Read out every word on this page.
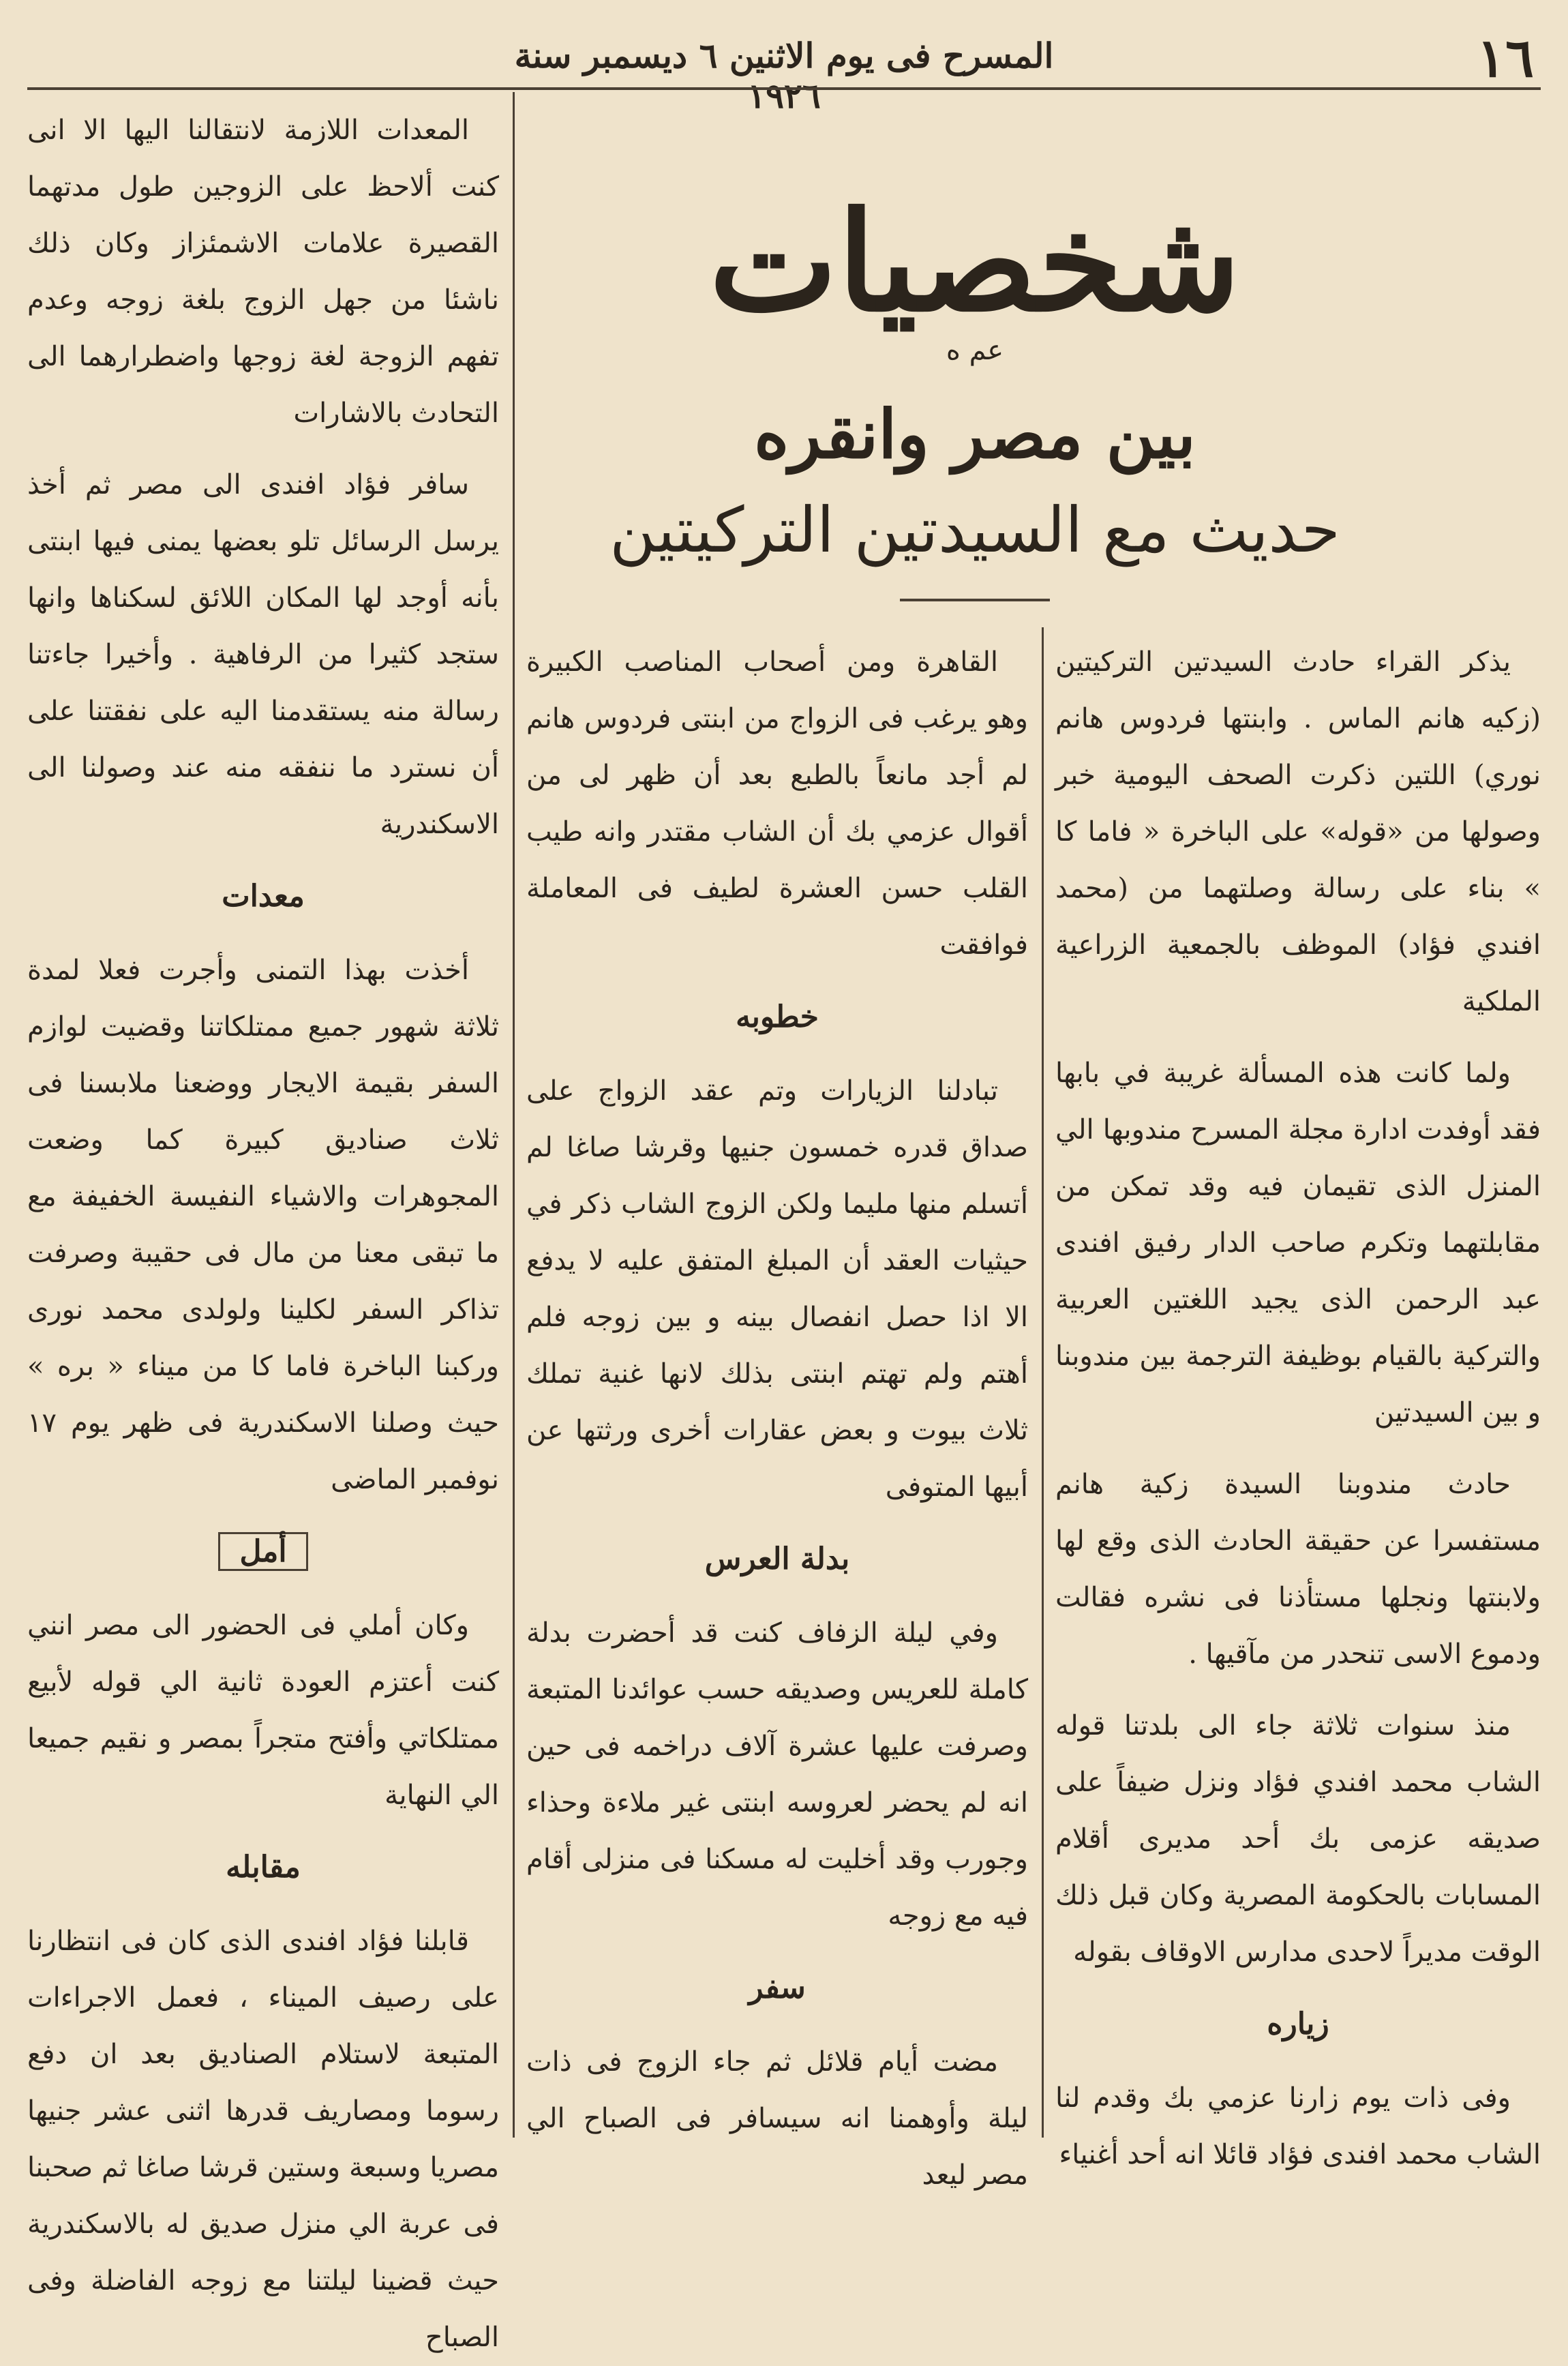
١٦
المسرح فى يوم الاثنين ٦ ديسمبر سنة ١٩٢٦
شخصيات
عم ه
بين مصر وانقره
حديث مع السيدتين التركيتين

يذكر القراء حادث السيدتين التركيتين (زكيه هانم الماس . وابنتها فردوس هانم نوري) اللتين ذكرت الصحف اليومية خبر وصولها من «قوله» على الباخرة « فاما كا » بناء على رسالة وصلتهما من (محمد افندي فؤاد) الموظف بالجمعية الزراعية الملكية

ولما كانت هذه المسألة غريبة في بابها فقد أوفدت ادارة مجلة المسرح مندوبها الي المنزل الذى تقيمان فيه وقد تمكن من مقابلتهما وتكرم صاحب الدار رفيق افندى عبد الرحمن الذى يجيد اللغتين العربية والتركية بالقيام بوظيفة الترجمة بين مندوبنا و بين السيدتين

حادث مندوبنا السيدة زكية هانم مستفسرا عن حقيقة الحادث الذى وقع لها ولابنتها ونجلها مستأذنا فى نشره فقالت ودموع الاسى تنحدر من مآقيها .

منذ سنوات ثلاثة جاء الى بلدتنا قوله الشاب محمد افندي فؤاد ونزل ضيفاً على صديقه عزمى بك أحد مديرى أقلام المسابات بالحكومة المصرية وكان قبل ذلك الوقت مديراً لاحدى مدارس الاوقاف بقوله

زياره

وفى ذات يوم زارنا عزمي بك وقدم لنا الشاب محمد افندى فؤاد قائلا انه أحد أغنياء

القاهرة ومن أصحاب المناصب الكبيرة وهو يرغب فى الزواج من ابنتى فردوس هانم لم أجد مانعاً بالطبع بعد أن ظهر لى من أقوال عزمي بك أن الشاب مقتدر وانه طيب القلب حسن العشرة لطيف فى المعاملة فوافقت

خطوبه

تبادلنا الزيارات وتم عقد الزواج على صداق قدره خمسون جنيها وقرشا صاغا لم أتسلم منها مليما ولكن الزوج الشاب ذكر في حيثيات العقد أن المبلغ المتفق عليه لا يدفع الا اذا حصل انفصال بينه و بين زوجه فلم أهتم ولم تهتم ابنتى بذلك لانها غنية تملك ثلاث بيوت و بعض عقارات أخرى ورثتها عن أبيها المتوفى

بدلة العرس

وفي ليلة الزفاف كنت قد أحضرت بدلة كاملة للعريس وصديقه حسب عوائدنا المتبعة وصرفت عليها عشرة آلاف دراخمه فى حين انه لم يحضر لعروسه ابنتى غير ملاءة وحذاء وجورب وقد أخليت له مسكنا فى منزلى أقام فيه مع زوجه

سفر

مضت أيام قلائل ثم جاء الزوج فى ذات ليلة وأوهمنا انه سيسافر فى الصباح الي مصر ليعد

المعدات اللازمة لانتقالنا اليها الا انى كنت ألاحظ على الزوجين طول مدتهما القصيرة علامات الاشمئزاز وكان ذلك ناشئا من جهل الزوج بلغة زوجه وعدم تفهم الزوجة لغة زوجها واضطرارهما الى التحادث بالاشارات

سافر فؤاد افندى الى مصر ثم أخذ يرسل الرسائل تلو بعضها يمنى فيها ابنتى بأنه أوجد لها المكان اللائق لسكناها وانها ستجد كثيرا من الرفاهية . وأخيرا جاءتنا رسالة منه يستقدمنا اليه على نفقتنا على أن نسترد ما ننفقه منه عند وصولنا الى الاسكندرية

معدات

أخذت بهذا التمنى وأجرت فعلا لمدة ثلاثة شهور جميع ممتلكاتنا وقضيت لوازم السفر بقيمة الايجار ووضعنا ملابسنا فى ثلاث صناديق كبيرة كما وضعت المجوهرات والاشياء النفيسة الخفيفة مع ما تبقى معنا من مال فى حقيبة وصرفت تذاكر السفر لكلينا ولولدى محمد نورى وركبنا الباخرة فاما كا من ميناء « بره » حيث وصلنا الاسكندرية فى ظهر يوم ١٧ نوفمبر الماضى

أمل

وكان أملي فى الحضور الى مصر انني كنت أعتزم العودة ثانية الي قوله لأبيع ممتلكاتي وأفتح متجراً بمصر و نقيم جميعا الي النهاية

مقابله

قابلنا فؤاد افندى الذى كان فى انتظارنا على رصيف الميناء ، فعمل الاجراءات المتبعة لاستلام الصناديق بعد ان دفع رسوما ومصاريف قدرها اثنى عشر جنيها مصريا وسبعة وستين قرشا صاغا ثم صحبنا فى عربة الي منزل صديق له بالاسكندرية حيث قضينا ليلتنا مع زوجه الفاضلة وفى الصباح
